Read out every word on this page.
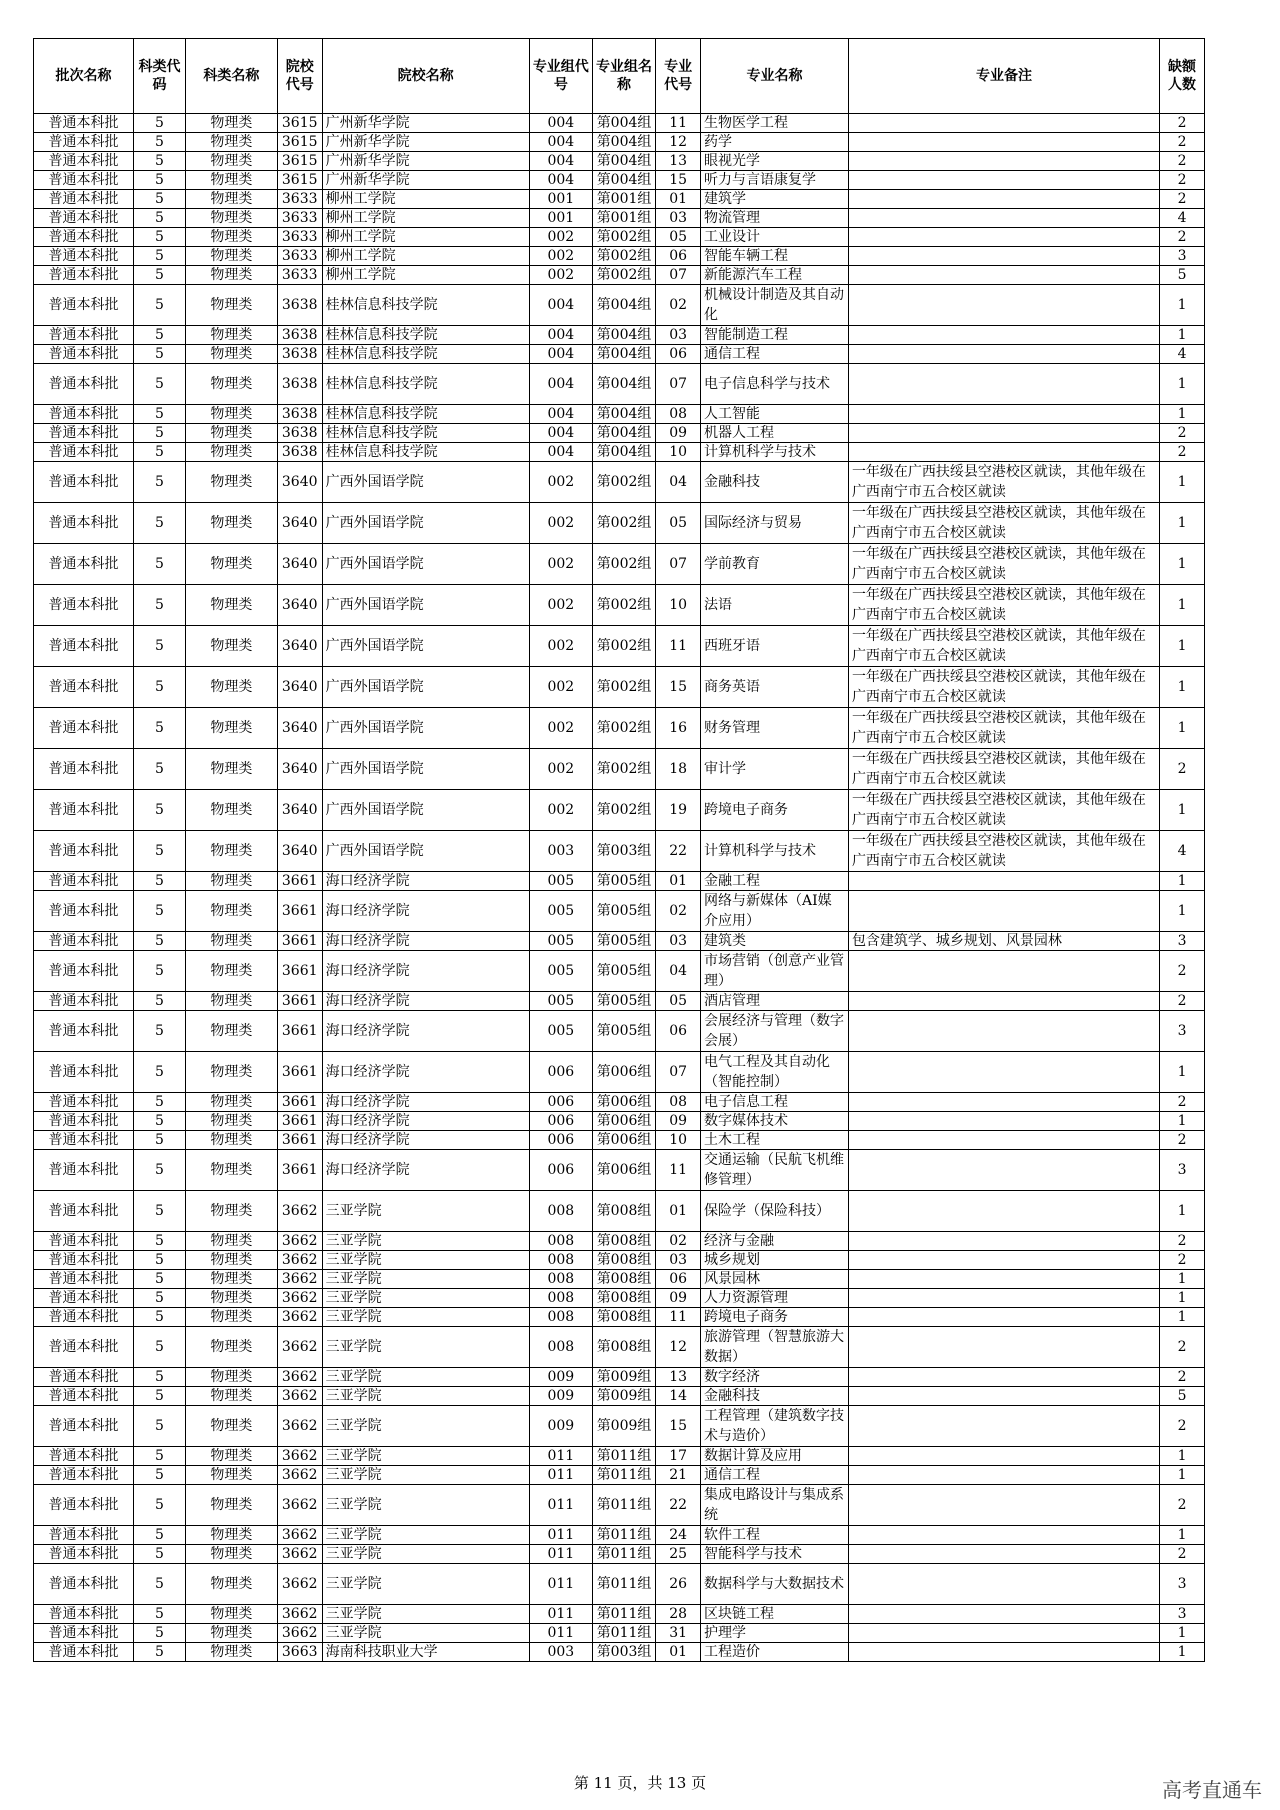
批次名称	科类代码	科类名称	院校代号	院校名称	专业组代号	专业组名称	专业代号	专业名称	专业备注	缺额人数
普通本科批	5	物理类	3615	广州新华学院	004	第004组	11	生物医学工程		2
普通本科批	5	物理类	3615	广州新华学院	004	第004组	12	药学		2
普通本科批	5	物理类	3615	广州新华学院	004	第004组	13	眼视光学		2
普通本科批	5	物理类	3615	广州新华学院	004	第004组	15	听力与言语康复学		2
普通本科批	5	物理类	3633	柳州工学院	001	第001组	01	建筑学		2
普通本科批	5	物理类	3633	柳州工学院	001	第001组	03	物流管理		4
普通本科批	5	物理类	3633	柳州工学院	002	第002组	05	工业设计		2
普通本科批	5	物理类	3633	柳州工学院	002	第002组	06	智能车辆工程		3
普通本科批	5	物理类	3633	柳州工学院	002	第002组	07	新能源汽车工程		5
普通本科批	5	物理类	3638	桂林信息科技学院	004	第004组	02	机械设计制造及其自动化		1
普通本科批	5	物理类	3638	桂林信息科技学院	004	第004组	03	智能制造工程		1
普通本科批	5	物理类	3638	桂林信息科技学院	004	第004组	06	通信工程		4
普通本科批	5	物理类	3638	桂林信息科技学院	004	第004组	07	电子信息科学与技术		1
普通本科批	5	物理类	3638	桂林信息科技学院	004	第004组	08	人工智能		1
普通本科批	5	物理类	3638	桂林信息科技学院	004	第004组	09	机器人工程		2
普通本科批	5	物理类	3638	桂林信息科技学院	004	第004组	10	计算机科学与技术		2
普通本科批	5	物理类	3640	广西外国语学院	002	第002组	04	金融科技	一年级在广西扶绥县空港校区就读，其他年级在广西南宁市五合校区就读	1
普通本科批	5	物理类	3640	广西外国语学院	002	第002组	05	国际经济与贸易	一年级在广西扶绥县空港校区就读，其他年级在广西南宁市五合校区就读	1
普通本科批	5	物理类	3640	广西外国语学院	002	第002组	07	学前教育	一年级在广西扶绥县空港校区就读，其他年级在广西南宁市五合校区就读	1
普通本科批	5	物理类	3640	广西外国语学院	002	第002组	10	法语	一年级在广西扶绥县空港校区就读，其他年级在广西南宁市五合校区就读	1
普通本科批	5	物理类	3640	广西外国语学院	002	第002组	11	西班牙语	一年级在广西扶绥县空港校区就读，其他年级在广西南宁市五合校区就读	1
普通本科批	5	物理类	3640	广西外国语学院	002	第002组	15	商务英语	一年级在广西扶绥县空港校区就读，其他年级在广西南宁市五合校区就读	1
普通本科批	5	物理类	3640	广西外国语学院	002	第002组	16	财务管理	一年级在广西扶绥县空港校区就读，其他年级在广西南宁市五合校区就读	1
普通本科批	5	物理类	3640	广西外国语学院	002	第002组	18	审计学	一年级在广西扶绥县空港校区就读，其他年级在广西南宁市五合校区就读	2
普通本科批	5	物理类	3640	广西外国语学院	002	第002组	19	跨境电子商务	一年级在广西扶绥县空港校区就读，其他年级在广西南宁市五合校区就读	1
普通本科批	5	物理类	3640	广西外国语学院	003	第003组	22	计算机科学与技术	一年级在广西扶绥县空港校区就读，其他年级在广西南宁市五合校区就读	4
普通本科批	5	物理类	3661	海口经济学院	005	第005组	01	金融工程		1
普通本科批	5	物理类	3661	海口经济学院	005	第005组	02	网络与新媒体（AI媒介应用）		1
普通本科批	5	物理类	3661	海口经济学院	005	第005组	03	建筑类	包含建筑学、城乡规划、风景园林	3
普通本科批	5	物理类	3661	海口经济学院	005	第005组	04	市场营销（创意产业管理）		2
普通本科批	5	物理类	3661	海口经济学院	005	第005组	05	酒店管理		2
普通本科批	5	物理类	3661	海口经济学院	005	第005组	06	会展经济与管理（数字会展）		3
普通本科批	5	物理类	3661	海口经济学院	006	第006组	07	电气工程及其自动化（智能控制）		1
普通本科批	5	物理类	3661	海口经济学院	006	第006组	08	电子信息工程		2
普通本科批	5	物理类	3661	海口经济学院	006	第006组	09	数字媒体技术		1
普通本科批	5	物理类	3661	海口经济学院	006	第006组	10	土木工程		2
普通本科批	5	物理类	3661	海口经济学院	006	第006组	11	交通运输（民航飞机维修管理）		3
普通本科批	5	物理类	3662	三亚学院	008	第008组	01	保险学（保险科技）		1
普通本科批	5	物理类	3662	三亚学院	008	第008组	02	经济与金融		2
普通本科批	5	物理类	3662	三亚学院	008	第008组	03	城乡规划		2
普通本科批	5	物理类	3662	三亚学院	008	第008组	06	风景园林		1
普通本科批	5	物理类	3662	三亚学院	008	第008组	09	人力资源管理		1
普通本科批	5	物理类	3662	三亚学院	008	第008组	11	跨境电子商务		1
普通本科批	5	物理类	3662	三亚学院	008	第008组	12	旅游管理（智慧旅游大数据）		2
普通本科批	5	物理类	3662	三亚学院	009	第009组	13	数字经济		2
普通本科批	5	物理类	3662	三亚学院	009	第009组	14	金融科技		5
普通本科批	5	物理类	3662	三亚学院	009	第009组	15	工程管理（建筑数字技术与造价）		2
普通本科批	5	物理类	3662	三亚学院	011	第011组	17	数据计算及应用		1
普通本科批	5	物理类	3662	三亚学院	011	第011组	21	通信工程		1
普通本科批	5	物理类	3662	三亚学院	011	第011组	22	集成电路设计与集成系统		2
普通本科批	5	物理类	3662	三亚学院	011	第011组	24	软件工程		1
普通本科批	5	物理类	3662	三亚学院	011	第011组	25	智能科学与技术		2
普通本科批	5	物理类	3662	三亚学院	011	第011组	26	数据科学与大数据技术		3
普通本科批	5	物理类	3662	三亚学院	011	第011组	28	区块链工程		3
普通本科批	5	物理类	3662	三亚学院	011	第011组	31	护理学		1
普通本科批	5	物理类	3663	海南科技职业大学	003	第003组	01	工程造价		1
第 11 页，共 13 页	高考直通车
